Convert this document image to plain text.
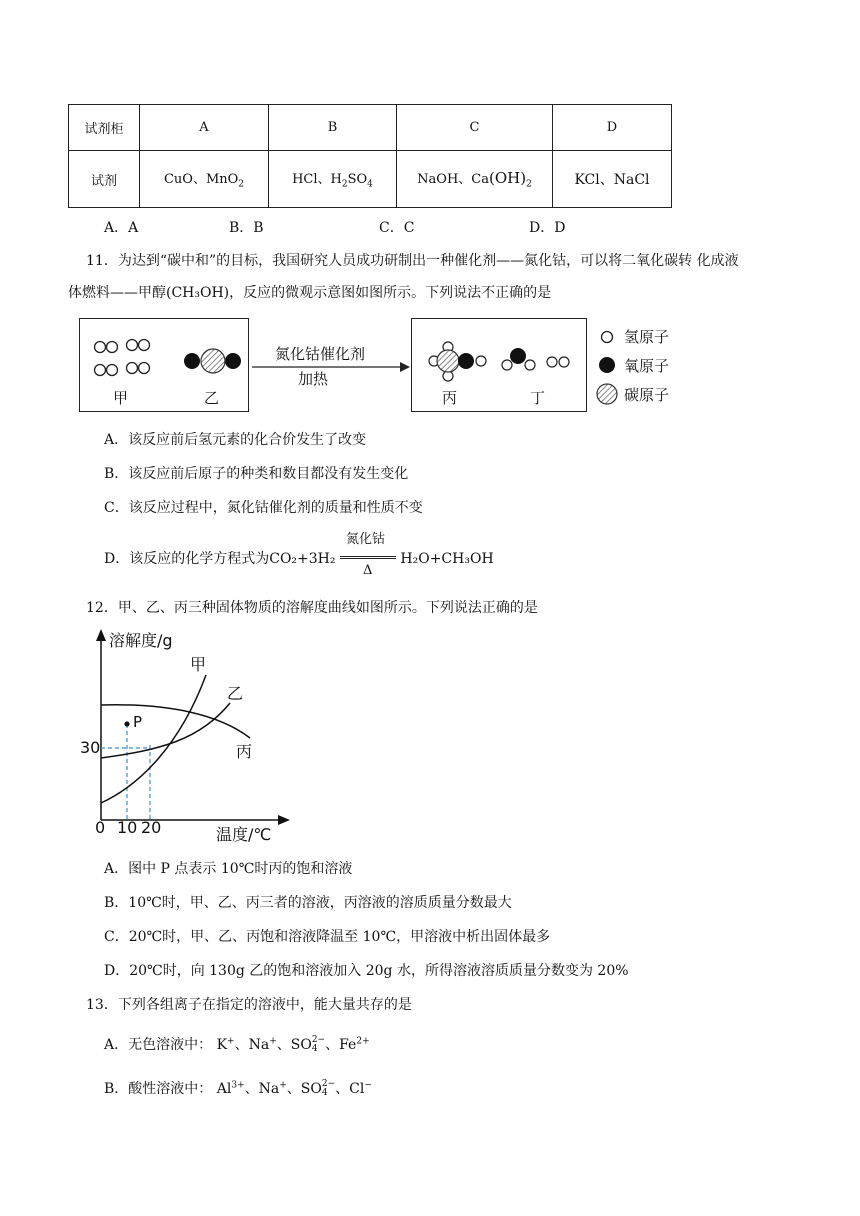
试剂柜	A	B	C	D
试剂	CuO、MnO$_2$	HCl、$H_2SO_4$	NaOH、$Ca(OH)_2$	KCl、NaCl
A．A	B．B	C．C	D．D
11．为达到“碳中和”的目标，我国研究人员成功研制出一种催化剂——氮化钴，可以将二氧化碳转 化成液
体燃料——甲醇(CH₃OH)，反应的微观示意图如图所示。下列说法不正确的是
甲	乙
氮化钴催化剂
加热
丙	丁
氢原子
氧原子
碳原子
A．该反应前后氢元素的化合价发生了改变
B．该反应前后原子的种类和数目都没有发生变化
C．该反应过程中，氮化钴催化剂的质量和性质不变
D．该反应的化学方程式为CO₂+3H₂
氮化钴
Δ
H₂O+CH₃OH
12．甲、乙、丙三种固体物质的溶解度曲线如图所示。下列说法正确的是
溶解度/g
温度/℃
0 10 20
30
P
甲
乙
丙
A．图中 P 点表示 10℃时丙的饱和溶液
B．10℃时，甲、乙、丙三者的溶液，丙溶液的溶质质量分数最大
C．20℃时，甲、乙、丙饱和溶液降温至 10℃，甲溶液中析出固体最多
D．20℃时，向 130g 乙的饱和溶液加入 20g 水，所得溶液溶质质量分数变为 20%
13．下列各组离子在指定的溶液中，能大量共存的是
A．无色溶液中： K+、Na+、SO 2−
4 、$Fe^{2+}$
B．酸性溶液中： $Al^{3+}$、Na+、SO 2−
4 、Cl−
